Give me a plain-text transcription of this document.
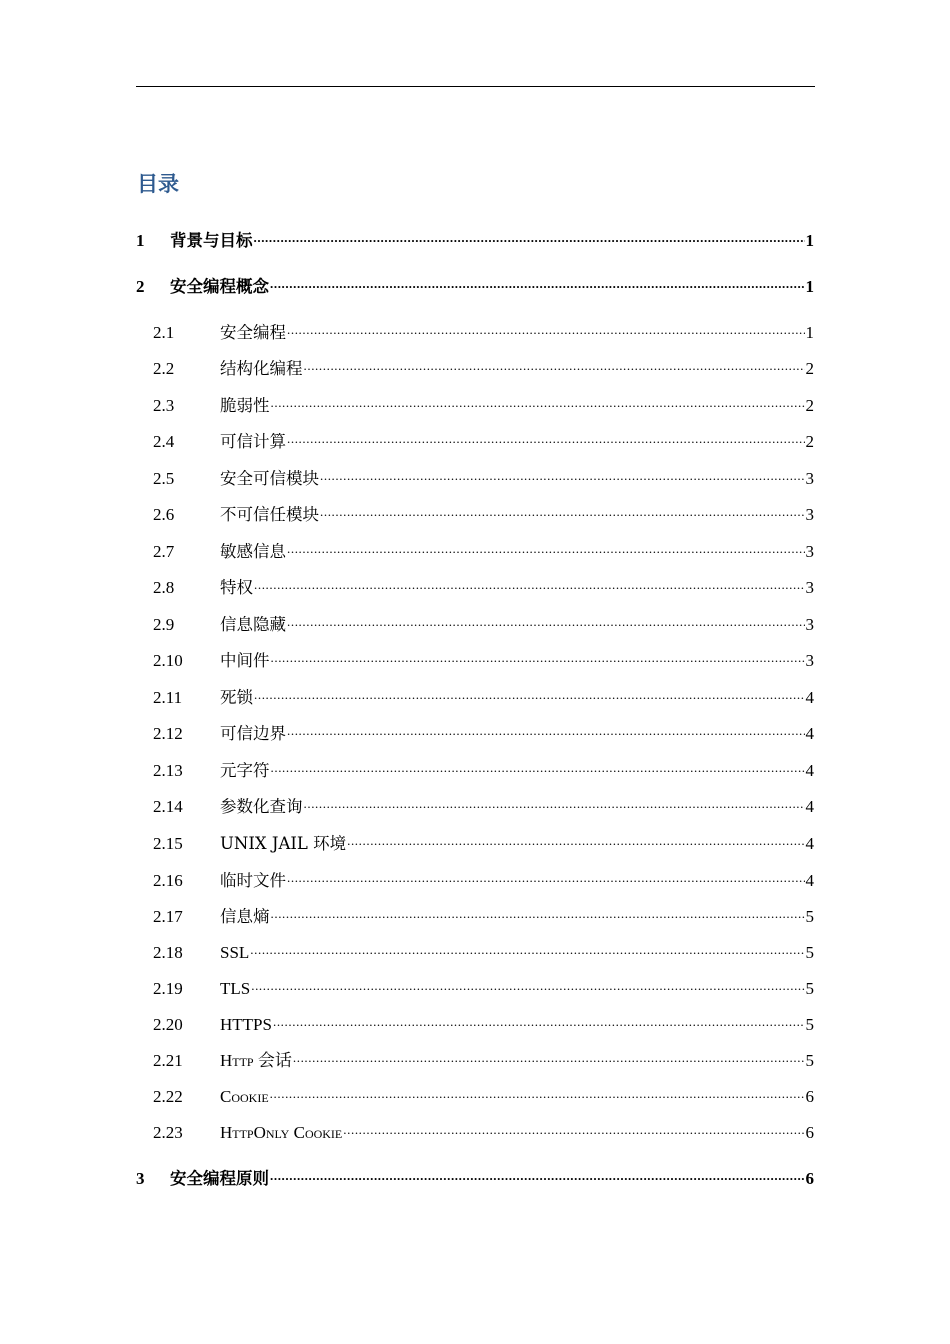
目录
1	背景与目标 .....	1
2	安全编程概念 .....	1
2.1	安全编程 .....	1
2.2	结构化编程 .....	2
2.3	脆弱性 .....	2
2.4	可信计算 .....	2
2.5	安全可信模块 .....	3
2.6	不可信任模块 .....	3
2.7	敏感信息 .....	3
2.8	特权 .....	3
2.9	信息隐藏 .....	3
2.10	中间件 .....	3
2.11	死锁 .....	4
2.12	可信边界 .....	4
2.13	元字符 .....	4
2.14	参数化查询 .....	4
2.15	UNIX JAIL 环境 .....	4
2.16	临时文件 .....	4
2.17	信息熵 .....	5
2.18	SSL .....	5
2.19	TLS .....	5
2.20	HTTPS .....	5
2.21	Http 会话 .....	5
2.22	Cookie .....	6
2.23	HttpOnly Cookie .....	6
3	安全编程原则 .....	6
